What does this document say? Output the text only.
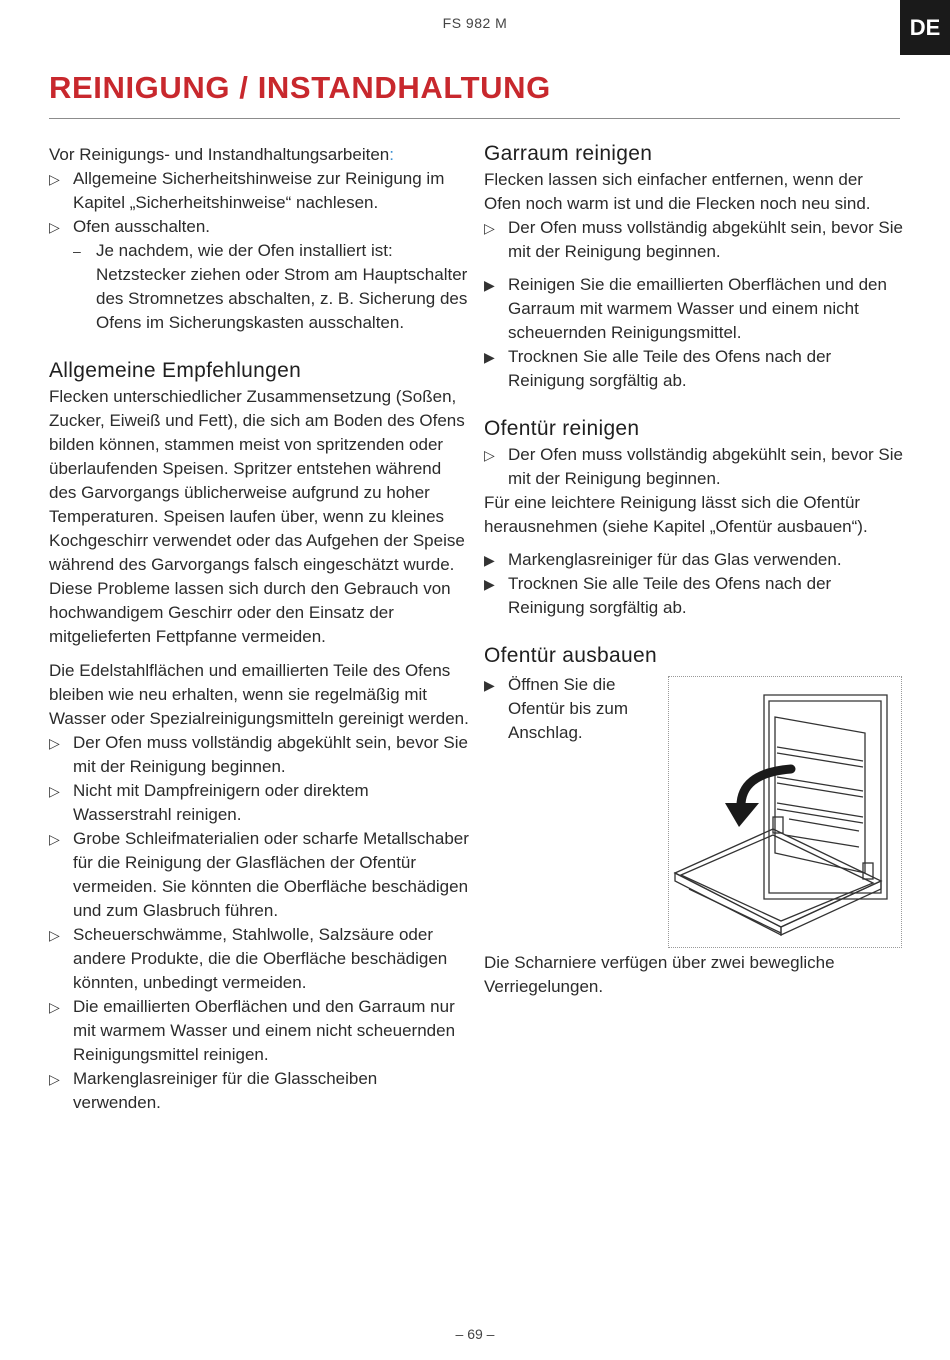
FS 982 M	DE
REINIGUNG / INSTANDHALTUNG

Vor Reinigungs- und Instandhaltungsarbeiten:

▷ Allgemeine Sicherheitshinweise zur Reinigung im Kapitel „Sicherheitshinweise“ nachlesen.
▷ Ofen ausschalten.
– Je nachdem, wie der Ofen installiert ist: Netzstecker ziehen oder Strom am Hauptschalter des Stromnetzes abschalten, z. B. Sicherung des Ofens im Sicherungskasten ausschalten.
Allgemeine Empfehlungen

Flecken unterschiedlicher Zusammensetzung (Soßen, Zucker, Eiweiß und Fett), die sich am Boden des Ofens bilden können, stammen meist von spritzenden oder überlaufenden Speisen. Spritzer entstehen während des Garvorgangs üblicherweise aufgrund zu hoher Temperaturen. Speisen laufen über, wenn zu kleines Kochgeschirr verwendet oder das Aufgehen der Speise während des Garvorgangs falsch eingeschätzt wurde. Diese Probleme lassen sich durch den Gebrauch von hochwandigem Geschirr oder den Einsatz der mitgelieferten Fettpfanne vermeiden.

Die Edelstahlflächen und emaillierten Teile des Ofens bleiben wie neu erhalten, wenn sie regelmäßig mit Wasser oder Spezialreinigungsmitteln gereinigt werden.

▷ Der Ofen muss vollständig abgekühlt sein, bevor Sie mit der Reinigung beginnen.
▷ Nicht mit Dampfreinigern oder direktem Wasserstrahl reinigen.
▷ Grobe Schleifmaterialien oder scharfe Metallschaber für die Reinigung der Glasflächen der Ofentür vermeiden. Sie könnten die Oberfläche beschädigen und zum Glasbruch führen.
▷ Scheuerschwämme, Stahlwolle, Salzsäure oder andere Produkte, die die Oberfläche beschädigen könnten, unbedingt vermeiden.
▷ Die emaillierten Oberflächen und den Garraum nur mit warmem Wasser und einem nicht scheuernden Reinigungsmittel reinigen.
▷ Markenglasreiniger für die Glasscheiben verwenden.
Garraum reinigen

Flecken lassen sich einfacher entfernen, wenn der Ofen noch warm ist und die Flecken noch neu sind.

▷ Der Ofen muss vollständig abgekühlt sein, bevor Sie mit der Reinigung beginnen.
▶ Reinigen Sie die emaillierten Oberflächen und den Garraum mit warmem Wasser und einem nicht scheuernden Reinigungsmittel.
▶ Trocknen Sie alle Teile des Ofens nach der Reinigung sorgfältig ab.
Ofentür reinigen
▷ Der Ofen muss vollständig abgekühlt sein, bevor Sie mit der Reinigung beginnen.

Für eine leichtere Reinigung lässt sich die Ofentür herausnehmen (siehe Kapitel „Ofentür ausbauen“).

▶ Markenglasreiniger für das Glas verwenden.
▶ Trocknen Sie alle Teile des Ofens nach der Reinigung sorgfältig ab.
Ofentür ausbauen
▶ Öffnen Sie die Ofentür bis zum Anschlag.

Die Scharniere verfügen über zwei bewegliche Verriegelungen.

– 69 –
